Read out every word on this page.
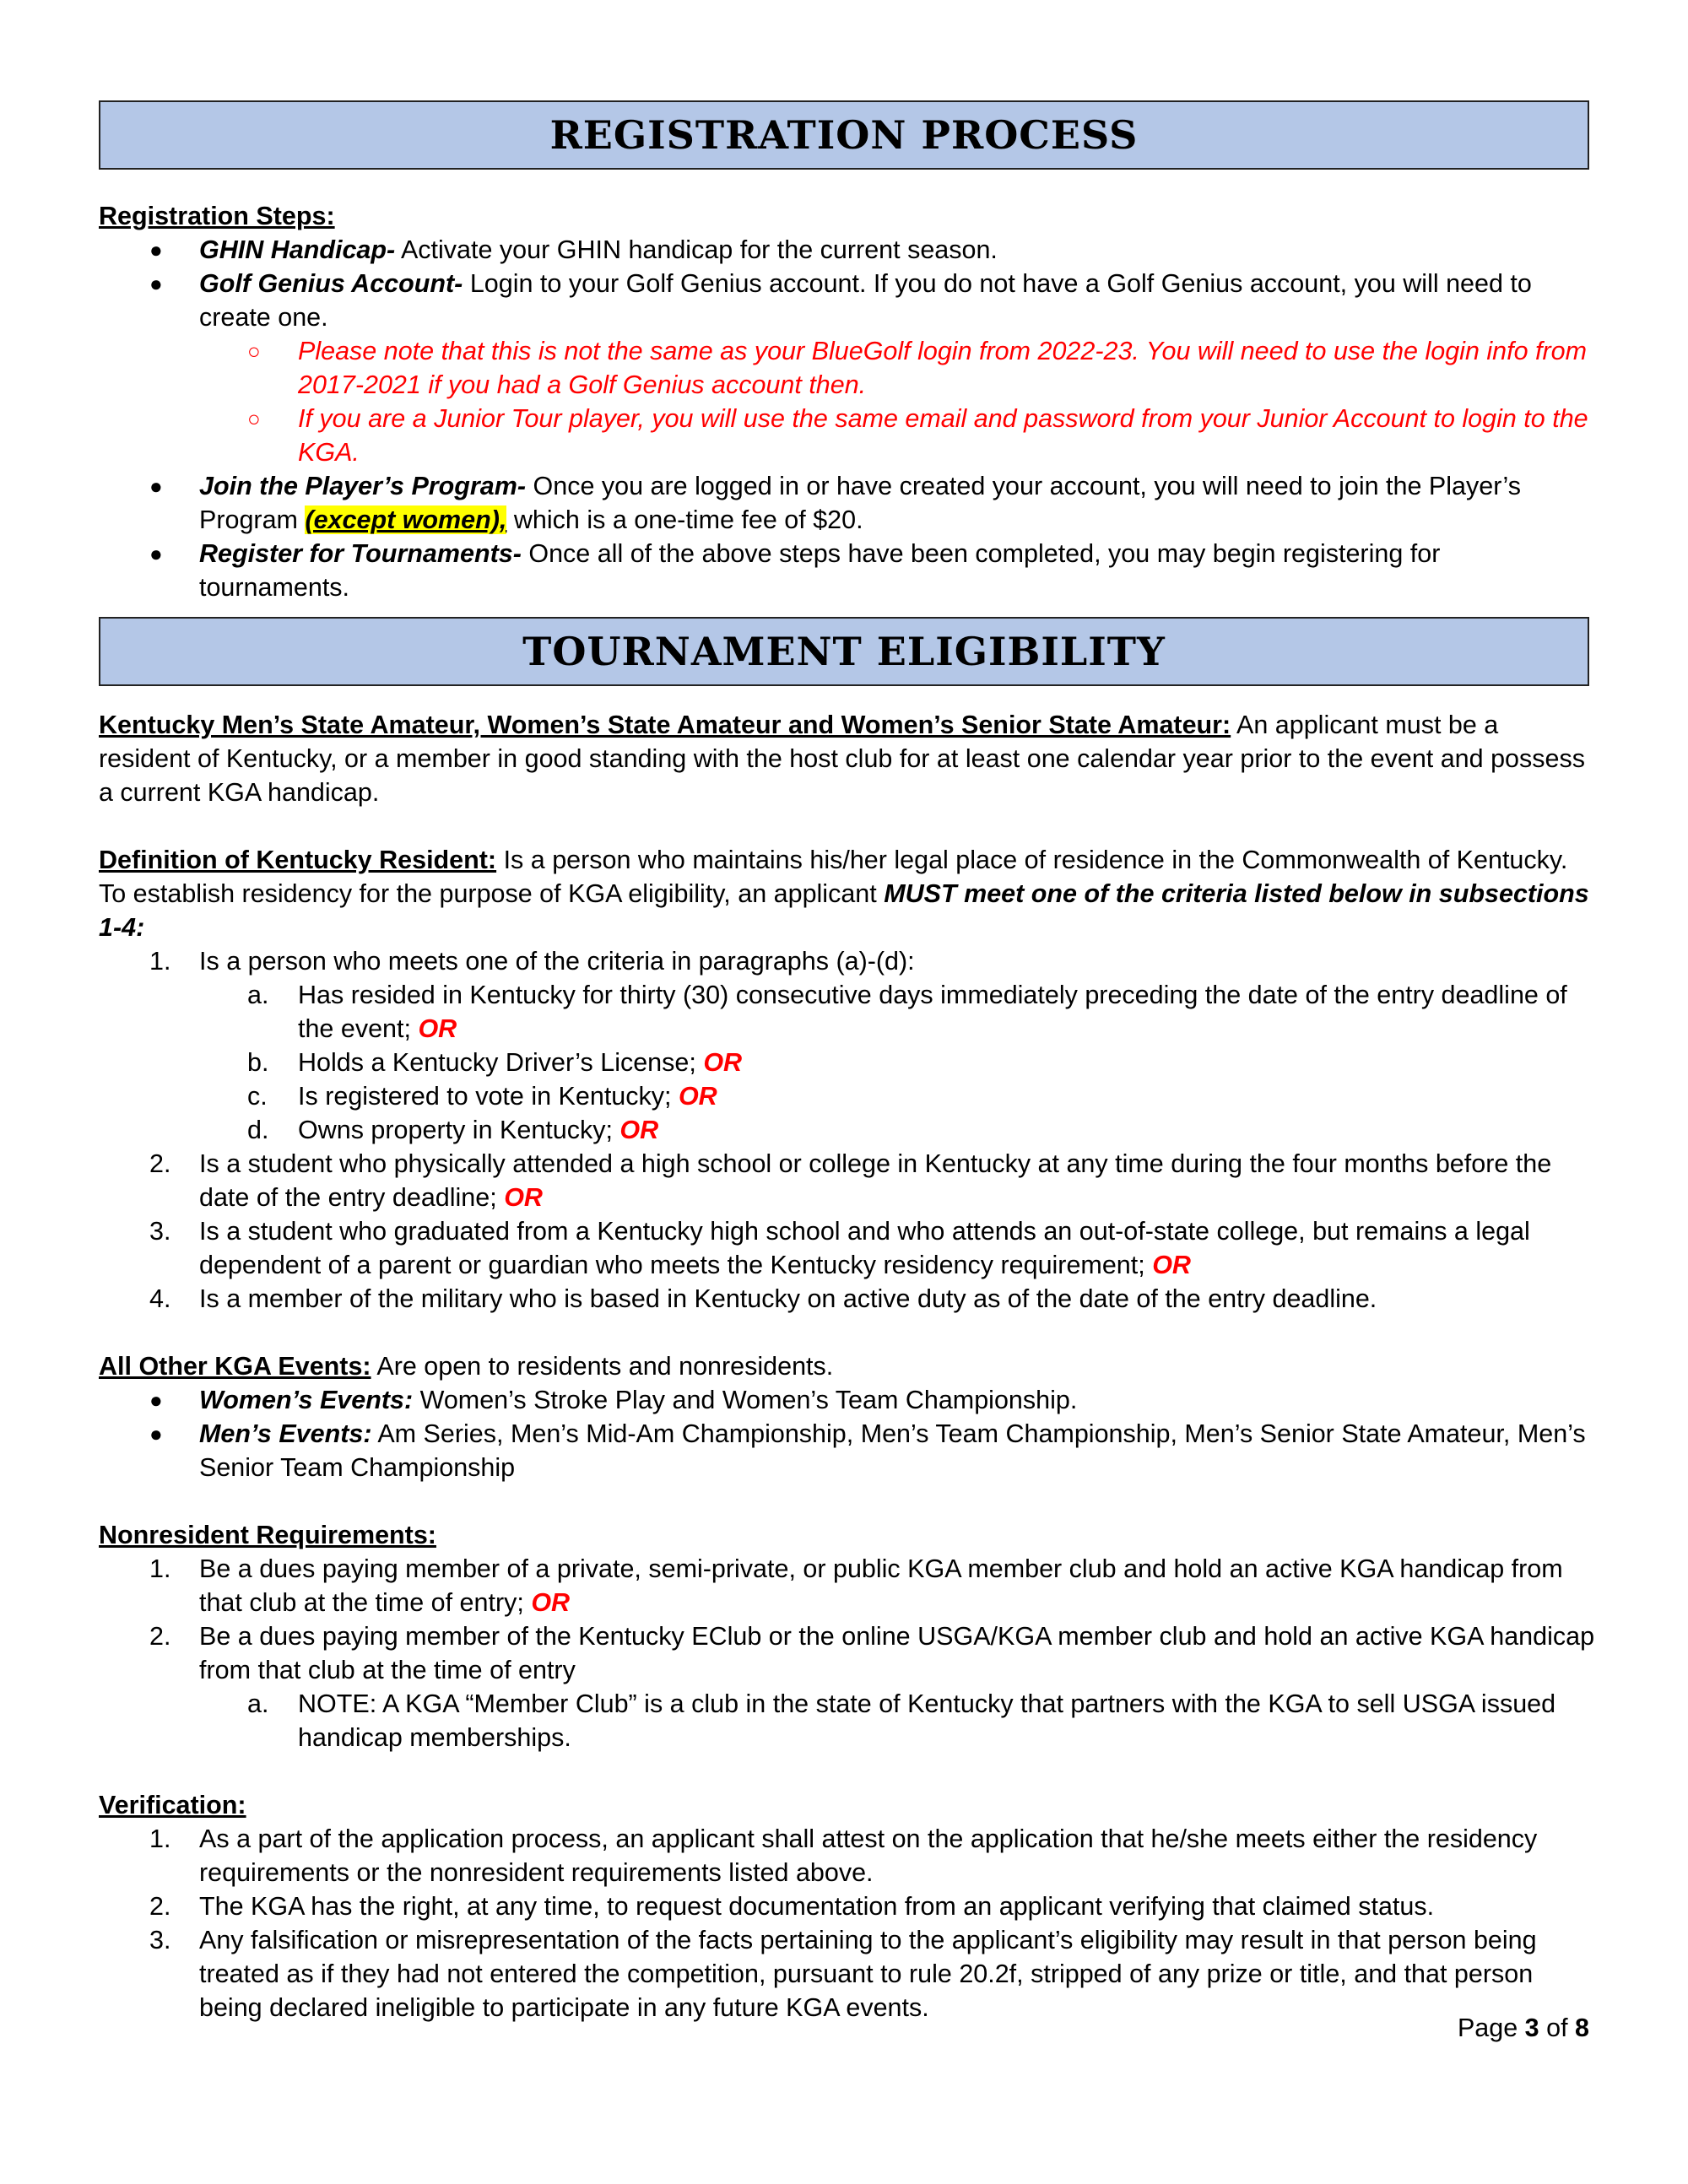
REGISTRATION PROCESS
Registration Steps:
● GHIN Handicap- Activate your GHIN handicap for the current season.
● Golf Genius Account- Login to your Golf Genius account. If you do not have a Golf Genius account, you will need to create one.
○ Please note that this is not the same as your BlueGolf login from 2022-23. You will need to use the login info from 2017-2021 if you had a Golf Genius account then.
○ If you are a Junior Tour player, you will use the same email and password from your Junior Account to login to the KGA.
● Join the Player’s Program- Once you are logged in or have created your account, you will need to join the Player’s Program (except women), which is a one-time fee of $20.
● Register for Tournaments- Once all of the above steps have been completed, you may begin registering for tournaments.
TOURNAMENT ELIGIBILITY

Kentucky Men’s State Amateur, Women’s State Amateur and Women’s Senior State Amateur: An applicant must be a resident of Kentucky, or a member in good standing with the host club for at least one calendar year prior to the event and possess a current KGA handicap.

Definition of Kentucky Resident: Is a person who maintains his/her legal place of residence in the Commonwealth of Kentucky. To establish residency for the purpose of KGA eligibility, an applicant MUST meet one of the criteria listed below in subsections 1-4:

1. Is a person who meets one of the criteria in paragraphs (a)-(d):
a. Has resided in Kentucky for thirty (30) consecutive days immediately preceding the date of the entry deadline of the event; OR
b. Holds a Kentucky Driver’s License; OR
c. Is registered to vote in Kentucky; OR
d. Owns property in Kentucky; OR
2. Is a student who physically attended a high school or college in Kentucky at any time during the four months before the date of the entry deadline; OR
3. Is a student who graduated from a Kentucky high school and who attends an out-of-state college, but remains a legal dependent of a parent or guardian who meets the Kentucky residency requirement; OR
4. Is a member of the military who is based in Kentucky on active duty as of the date of the entry deadline.

All Other KGA Events: Are open to residents and nonresidents.

● Women’s Events: Women’s Stroke Play and Women’s Team Championship.
● Men’s Events: Am Series, Men’s Mid-Am Championship, Men’s Team Championship, Men’s Senior State Amateur, Men’s Senior Team Championship

Nonresident Requirements:

1. Be a dues paying member of a private, semi-private, or public KGA member club and hold an active KGA handicap from that club at the time of entry; OR
2. Be a dues paying member of the Kentucky EClub or the online USGA/KGA member club and hold an active KGA handicap from that club at the time of entry
a. NOTE: A KGA “Member Club” is a club in the state of Kentucky that partners with the KGA to sell USGA issued handicap memberships.

Verification:

1. As a part of the application process, an applicant shall attest on the application that he/she meets either the residency requirements or the nonresident requirements listed above.
2. The KGA has the right, at any time, to request documentation from an applicant verifying that claimed status.
3. Any falsification or misrepresentation of the facts pertaining to the applicant’s eligibility may result in that person being treated as if they had not entered the competition, pursuant to rule 20.2f, stripped of any prize or title, and that person being declared ineligible to participate in any future KGA events.
Page 3 of 8
